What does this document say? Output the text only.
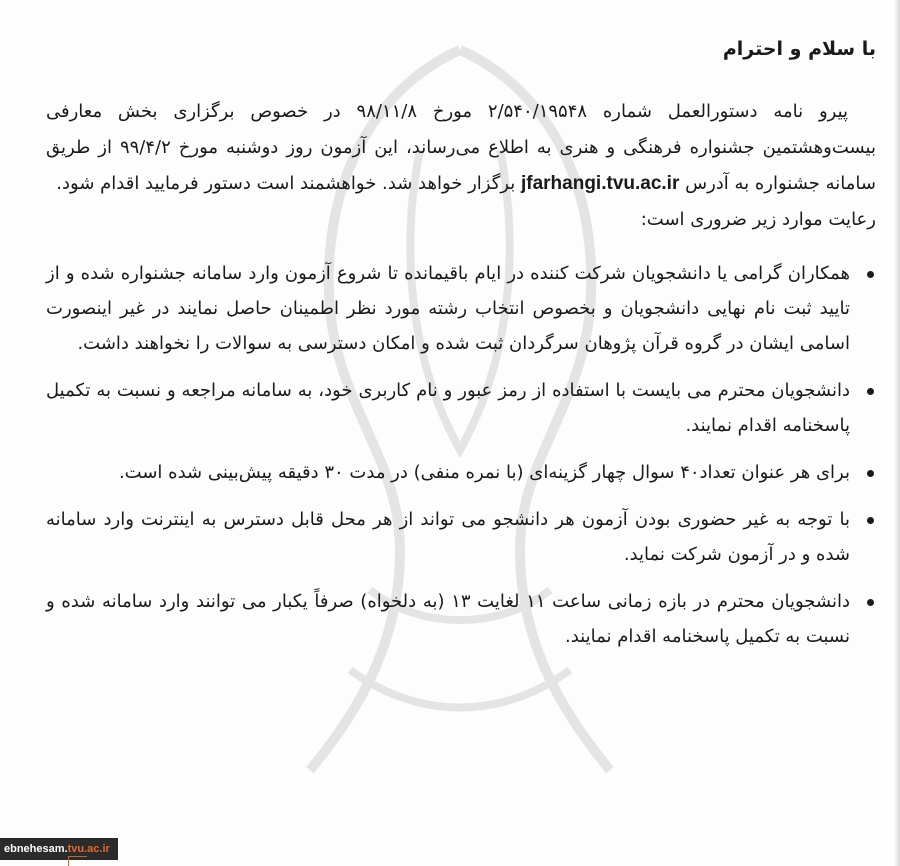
با سلام و احترام

پیرو نامه دستورالعمل شماره ۲/۵۴۰/۱۹۵۴۸ مورخ ۹۸/۱۱/۸ در خصوص برگزاری بخش معارفی بیست‌وهشتمین جشنواره فرهنگی و هنری به اطلاع می‌رساند، این آزمون روز دوشنبه مورخ ۹۹/۴/۲ از طریق سامانه جشنواره به آدرس jfarhangi.tvu.ac.ir برگزار خواهد شد. خواهشمند است دستور فرمایید اقدام شود.

رعایت موارد زیر ضروری است:

همکاران گرامی یا دانشجویان شرکت کننده در ایام باقیمانده تا شروع آزمون وارد سامانه جشنواره شده و از تایید ثبت نام نهایی دانشجویان و بخصوص انتخاب رشته مورد نظر اطمینان حاصل نمایند در غیر اینصورت اسامی ایشان در گروه قرآن پژوهان سرگردان ثبت شده و امکان دسترسی به سوالات را نخواهند داشت.
دانشجویان محترم می بایست با استفاده از رمز عبور و نام کاربری خود، به سامانه مراجعه و نسبت به تکمیل پاسخنامه اقدام نمایند.
برای هر عنوان تعداد۴۰ سوال چهار گزینه‌ای (با نمره منفی) در مدت ۳۰ دقیقه پیش‌بینی شده است.
با توجه به غیر حضوری بودن آزمون هر دانشجو می تواند از هر محل قابل دسترس به اینترنت وارد سامانه شده و در آزمون شرکت نماید.
دانشجویان محترم در بازه زمانی ساعت ۱۱ لغایت ۱۳ (به دلخواه) صرفاً یکبار می توانند وارد سامانه شده و نسبت به تکمیل پاسخنامه اقدام نمایند.
ebnehesam. tvu.ac.ir
